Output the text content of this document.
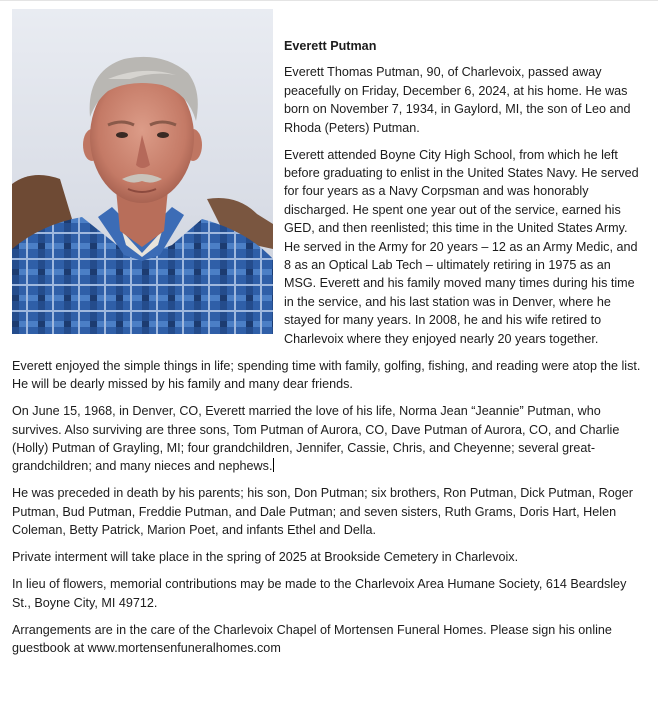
Everett Putman

Everett Thomas Putman, 90, of Charlevoix, passed away peacefully on Friday, December 6, 2024, at his home. He was born on November 7, 1934, in Gaylord, MI, the son of Leo and Rhoda (Peters) Putman.

Everett attended Boyne City High School, from which he left before graduating to enlist in the United States Navy. He served for four years as a Navy Corpsman and was honorably discharged. He spent one year out of the service, earned his GED, and then reenlisted; this time in the United States Army. He served in the Army for 20 years – 12 as an Army Medic, and 8 as an Optical Lab Tech – ultimately retiring in 1975 as an MSG. Everett and his family moved many times during his time in the service, and his last station was in Denver, where he stayed for many years. In 2008, he and his wife retired to Charlevoix where they enjoyed nearly 20 years together.

Everett enjoyed the simple things in life; spending time with family, golfing, fishing, and reading were atop the list. He will be dearly missed by his family and many dear friends.

On June 15, 1968, in Denver, CO, Everett married the love of his life, Norma Jean “Jeannie” Putman, who survives. Also surviving are three sons, Tom Putman of Aurora, CO, Dave Putman of Aurora, CO, and Charlie (Holly) Putman of Grayling, MI; four grandchildren, Jennifer, Cassie, Chris, and Cheyenne; several great-grandchildren; and many nieces and nephews.

He was preceded in death by his parents; his son, Don Putman; six brothers, Ron Putman, Dick Putman, Roger Putman, Bud Putman, Freddie Putman, and Dale Putman; and seven sisters, Ruth Grams, Doris Hart, Helen Coleman, Betty Patrick, Marion Poet, and infants Ethel and Della.

Private interment will take place in the spring of 2025 at Brookside Cemetery in Charlevoix.

In lieu of flowers, memorial contributions may be made to the Charlevoix Area Humane Society, 614 Beardsley St., Boyne City, MI 49712.

Arrangements are in the care of the Charlevoix Chapel of Mortensen Funeral Homes. Please sign his online guestbook at www.mortensenfuneralhomes.com
